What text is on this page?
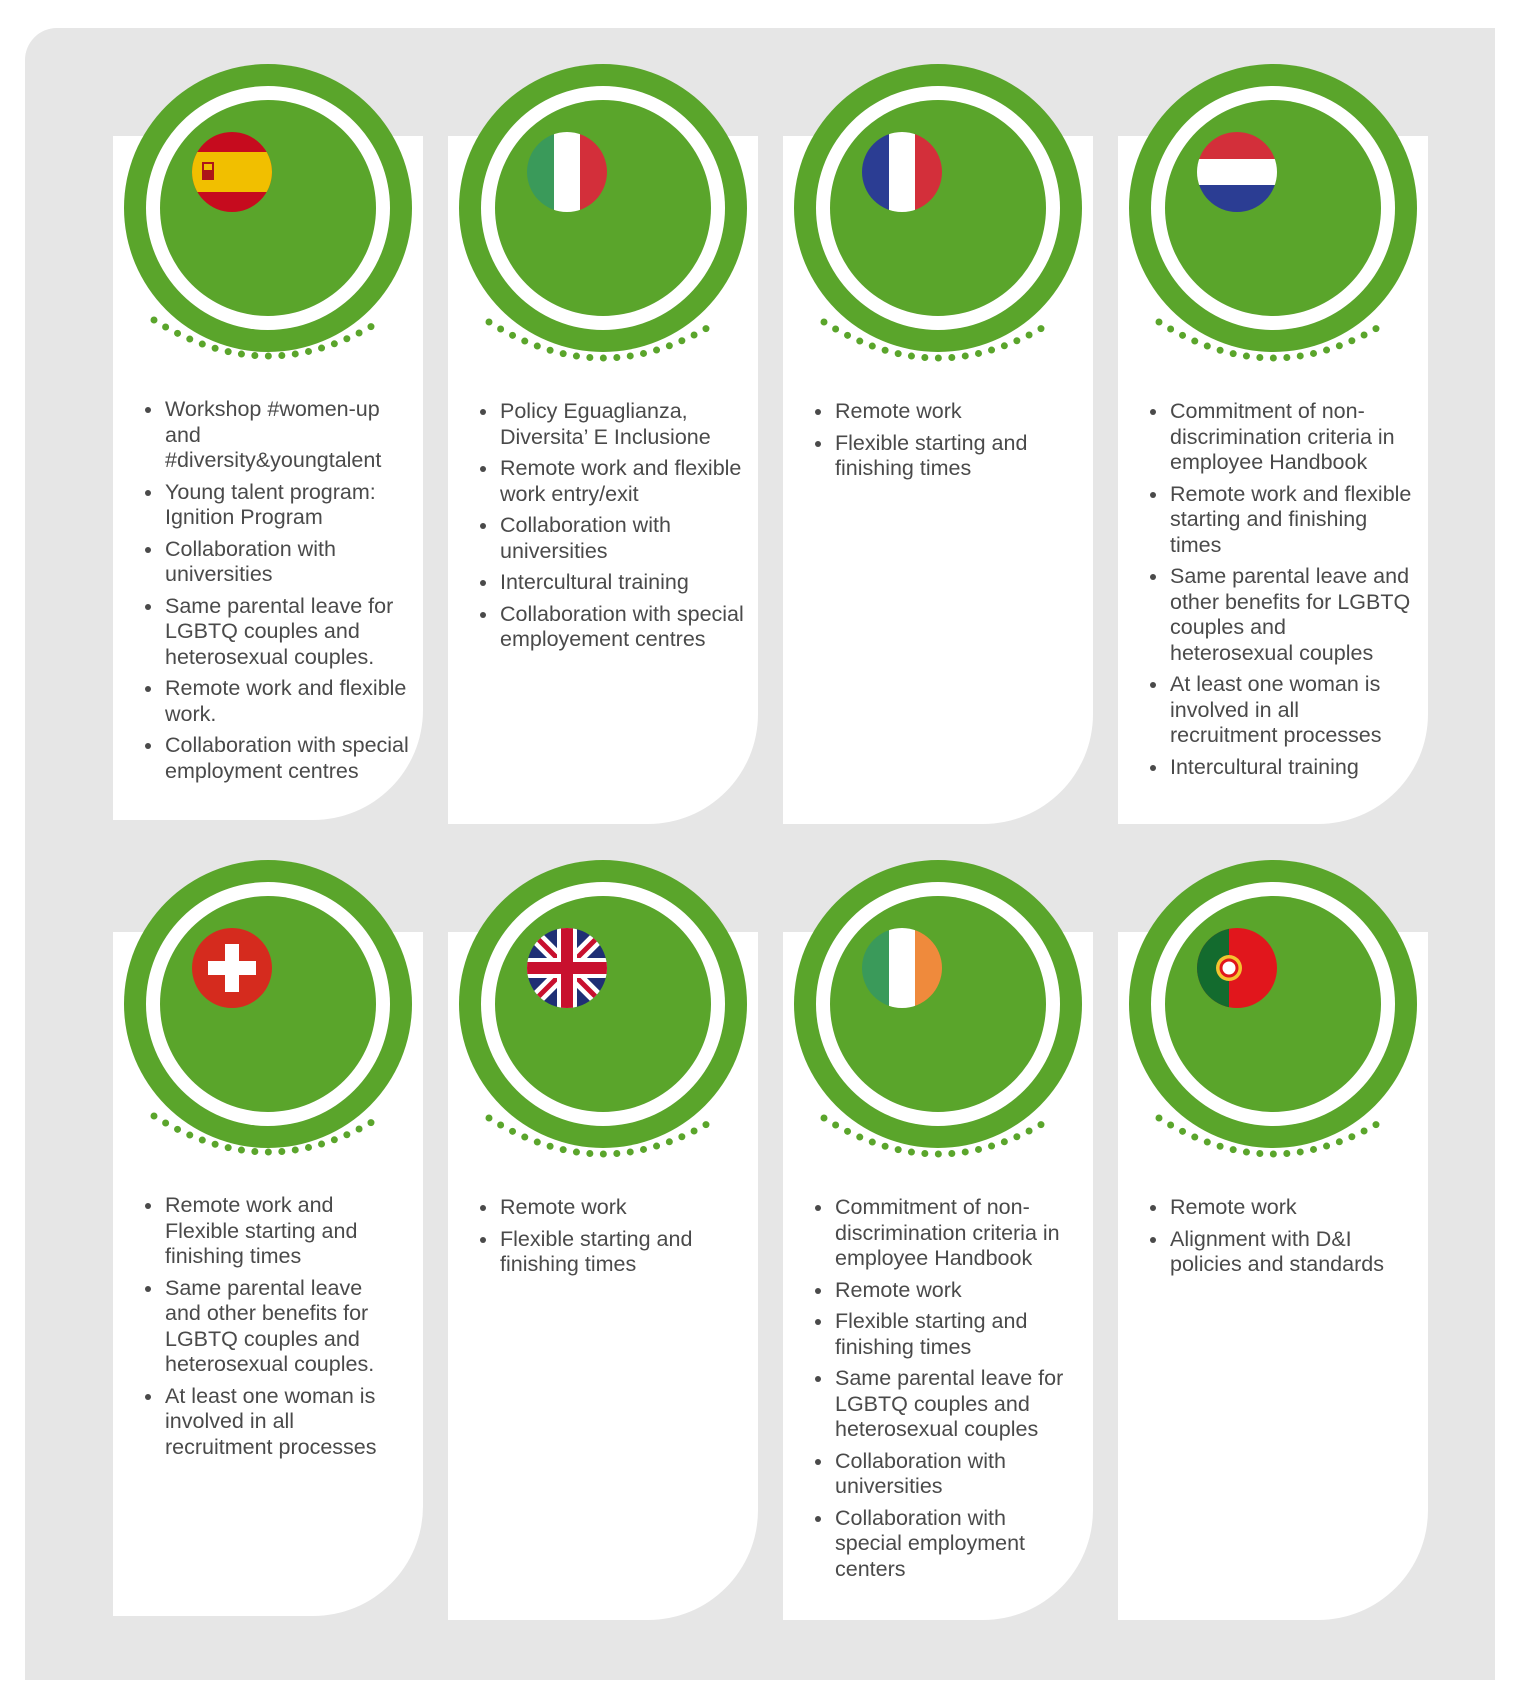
Workshop #women-up and #diversity&youngtalent
Young talent program: Ignition Program
Collaboration with universities
Same parental leave for LGBTQ couples and heterosexual couples.
Remote work and flexible work.
Collaboration with special employment centres
Policy Eguaglianza, Diversita’ E Inclusione
Remote work and flexible work entry/exit
Collaboration with universities
Intercultural training
Collaboration with special employement centres
Remote work
Flexible starting and finishing times
Commitment of non-discrimination criteria in employee Handbook
Remote work and flexible starting and finishing times
Same parental leave and other benefits for LGBTQ couples and heterosexual couples
At least one woman is involved in all recruitment processes
Intercultural training
Remote work and Flexible starting and finishing times
Same parental leave and other benefits for LGBTQ couples and heterosexual couples.
At least one woman is involved in all recruitment processes
Remote work
Flexible starting and finishing times
Commitment of non-discrimination criteria in employee Handbook
Remote work
Flexible starting and finishing times
Same parental leave for LGBTQ couples and heterosexual couples
Collaboration with universities
Collaboration with special employment centers
Remote work
Alignment with D&I policies and standards
